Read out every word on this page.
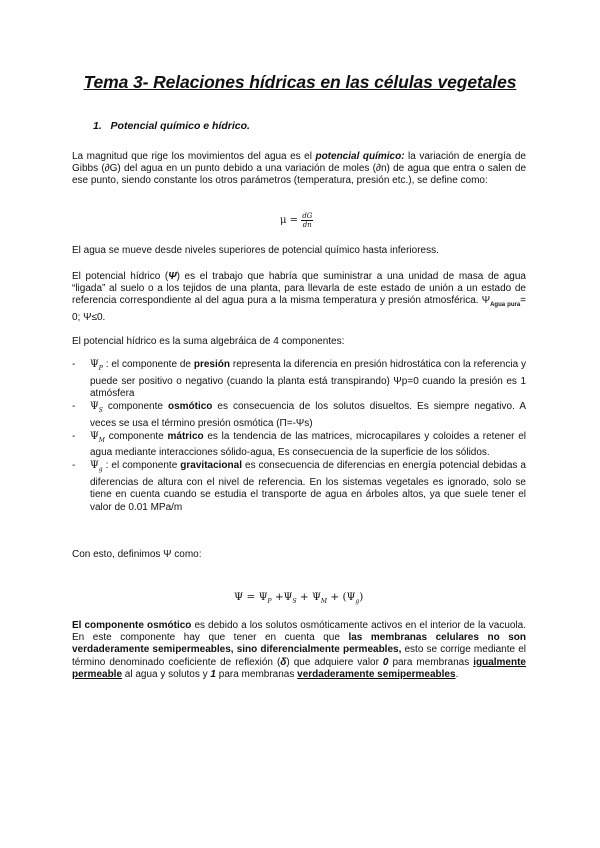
Tema 3- Relaciones hídricas en las células vegetales

1. Potencial químico e hídrico.

La magnitud que rige los movimientos del agua es el potencial químico: la variación de energía de Gibbs (∂G) del agua en un punto debido a una variación de moles (∂n) de agua que entra o salen de ese punto, siendo constante los otros parámetros (temperatura, presión etc.), se define como:

$\mu = \frac{dG}{dn}$

El agua se mueve desde niveles superiores de potencial químico hasta inferioress.

El potencial hídrico (Ψ) es el trabajo que habría que suministrar a una unidad de masa de agua “ligada” al suelo o a los tejidos de una planta, para llevarla de este estado de unión a un estado de referencia correspondiente al del agua pura a la misma temperatura y presión atmosférica. $\Psi_{Agua pura}= 0$; Ψ≤0.

El potencial hídrico es la suma algebráica de 4 componentes:

- $\Psi_P$ : el componente de presión representa la diferencia en presión hidrostática con la referencia y puede ser positivo o negativo (cuando la planta está transpirando) Ψp=0 cuando la presión es 1 atmósfera
- $\Psi_S$ componente osmótico es consecuencia de los solutos disueltos. Es siempre negativo. A veces se usa el término presión osmótica (Π=-Ψs)
- $\Psi_M$ componente mátrico es la tendencia de las matrices, microcapilares y coloides a retener el agua mediante interacciones sólido-agua, Es consecuencia de la superficie de los sólidos.
- $\Psi_g$ : el componente gravitacional es consecuencia de diferencias en energía potencial debidas a diferencias de altura con el nivel de referencia. En los sistemas vegetales es ignorado, solo se tiene en cuenta cuando se estudia el transporte de agua en árboles altos, ya que suele tener el valor de 0.01 MPa/m

Con esto, definimos Ψ como:

$\Psi = \Psi_P +\Psi_S + \Psi_M + (\Psi_g)$

El componente osmótico es debido a los solutos osmóticamente activos en el interior de la vacuola. En este componente hay que tener en cuenta que las membranas celulares no son verdaderamente semipermeables, sino diferencialmente permeables, esto se corrige mediante el término denominado coeficiente de reflexión (δ) que adquiere valor 0 para membranas igualmente permeable al agua y solutos y 1 para membranas verdaderamente semipermeables.
